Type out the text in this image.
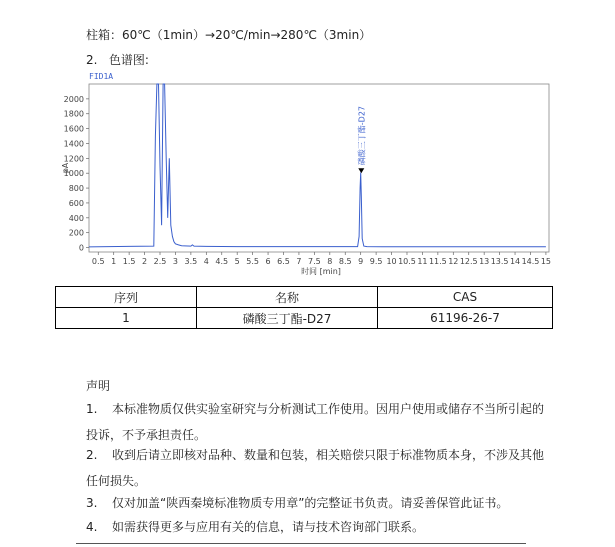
柱箱：60℃（1min）→20℃/min→280℃（3min）
2. 色谱图:
FID1A
0
200
400
600
800
1000
1200
1400
1600
1800
2000
0.5 1 1.5 2 2.5 3 3.5 4 4.5 5 5.5 6 6.5 7 7.5 8 8.5 9 9.5 10 10.5 11 11.5 12 12.5 13 13.5 14 14.5 15
pA
时间 [min]
磷酸三丁酯-D27
序列	名称	CAS
1	磷酸三丁酯-D27	61196-26-7
声明
1. 本标准物质仅供实验室研究与分析测试工作使用。因用户使用或储存不当所引起的
投诉，不予承担责任。
2. 收到后请立即核对品种、数量和包装，相关赔偿只限于标准物质本身，不涉及其他
任何损失。
3. 仅对加盖“陕西秦境标准物质专用章”的完整证书负责。请妥善保管此证书。
4. 如需获得更多与应用有关的信息，请与技术咨询部门联系。
